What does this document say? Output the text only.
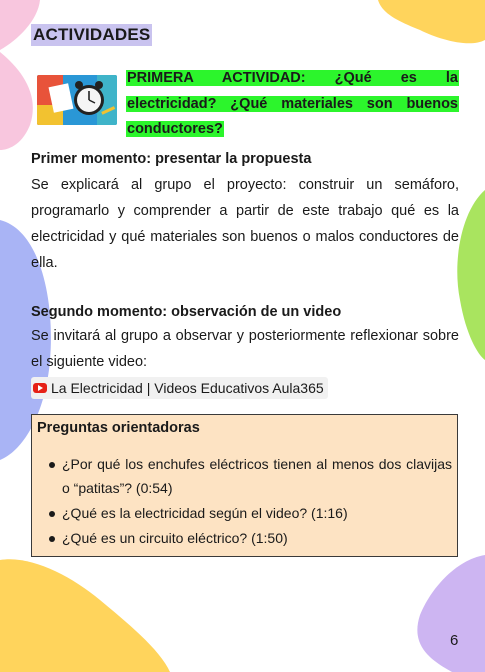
ACTIVIDADES
PRIMERA ACTIVIDAD: ¿Qué es la
electricidad? ¿Qué materiales son buenos
conductores?
Primer momento: presentar la propuesta
Se explicará al grupo el proyecto: construir un semáforo, programarlo y comprender a partir de este trabajo qué es la electricidad y qué materiales son buenos o malos conductores de ella.
Segundo momento: observación de un video
Se invitará al grupo a observar y posteriormente reflexionar sobre el siguiente video:
La Electricidad | Videos Educativos Aula365
Preguntas orientadoras
¿Por qué los enchufes eléctricos tienen al menos dos clavijas o “patitas”? (0:54)
¿Qué es la electricidad según el video? (1:16)
¿Qué es un circuito eléctrico? (1:50)
6
